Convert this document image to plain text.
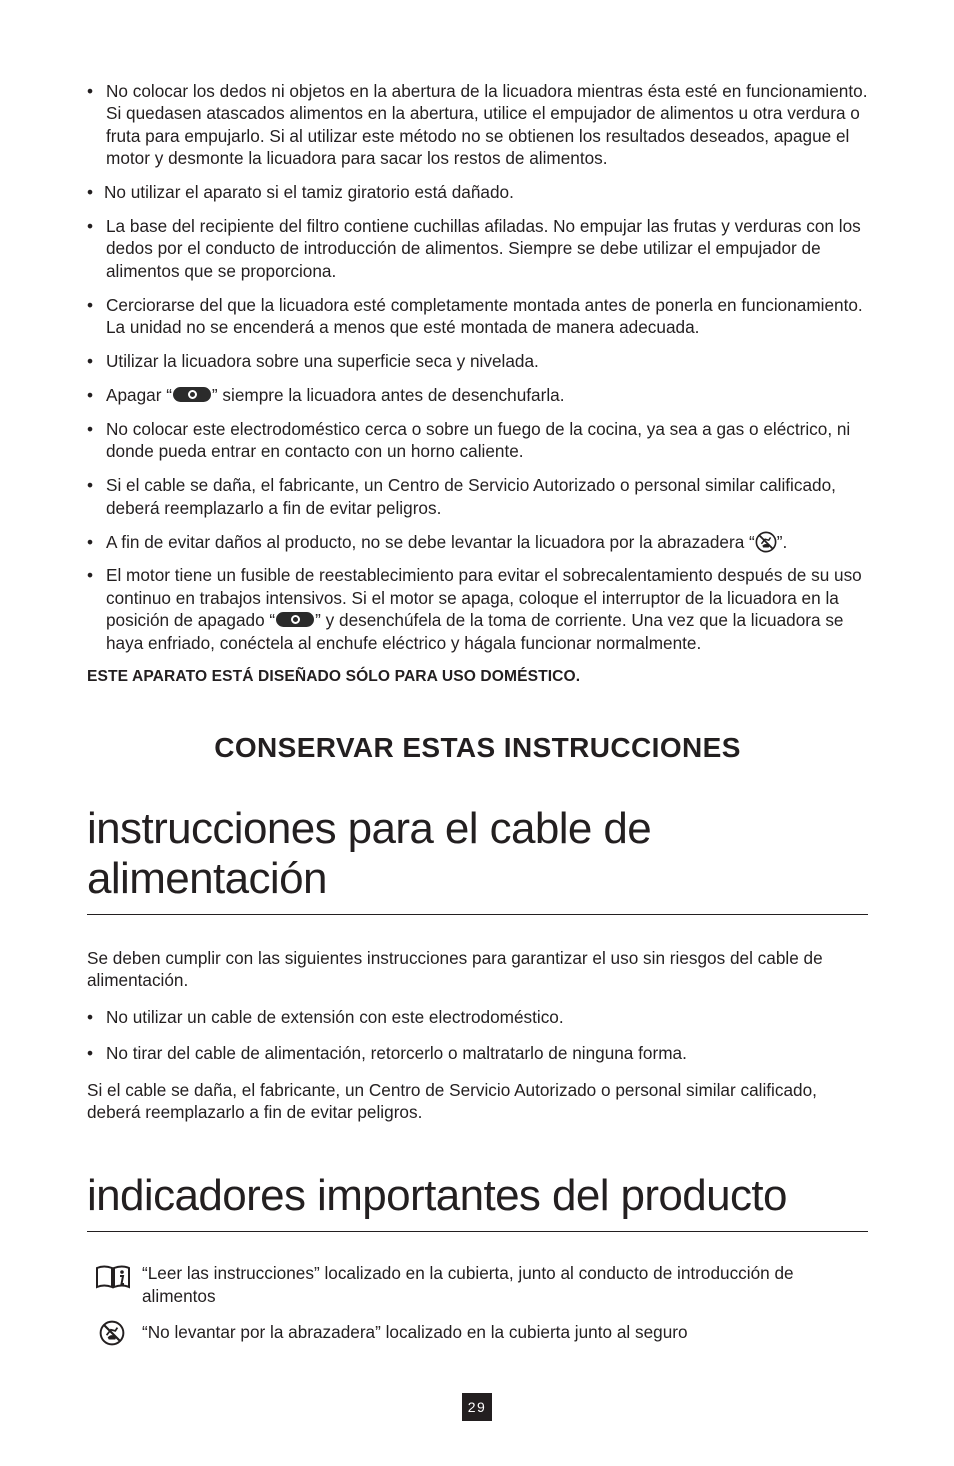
• No colocar los dedos ni objetos en la abertura de la licuadora mientras ésta esté en funcionamiento. Si quedasen atascados alimentos en la abertura, utilice el empujador de alimentos u otra verdura o fruta para empujarlo. Si al utilizar este método no se obtienen los resultados deseados, apague el motor y desmonte la licuadora para sacar los restos de alimentos.
• No utilizar el aparato si el tamiz giratorio está dañado.
• La base del recipiente del filtro contiene cuchillas afiladas. No empujar las frutas y verduras con los dedos por el conducto de introducción de alimentos. Siempre se debe utilizar el empujador de alimentos que se proporciona.
• Cerciorarse del que la licuadora esté completamente montada antes de ponerla en funcionamiento. La unidad no se encenderá a menos que esté montada de manera adecuada.
• Utilizar la licuadora sobre una superficie seca y nivelada.
• Apagar “ ” siempre la licuadora antes de desenchufarla.
• No colocar este electrodoméstico cerca o sobre un fuego de la cocina, ya sea a gas o eléctrico, ni donde pueda entrar en contacto con un horno caliente.
• Si el cable se daña, el fabricante, un Centro de Servicio Autorizado o personal similar calificado, deberá reemplazarlo a fin de evitar peligros.
• A fin de evitar daños al producto, no se debe levantar la licuadora por la abrazadera “ ”.
• El motor tiene un fusible de reestablecimiento para evitar el sobrecalentamiento después de su uso continuo en trabajos intensivos. Si el motor se apaga, coloque el interruptor de la licuadora en la posición de apagado “ ” y desenchúfela de la toma de corriente. Una vez que la licuadora se haya enfriado, conéctela al enchufe eléctrico y hágala funcionar normalmente.
ESTE APARATO ESTÁ DISEÑADO SÓLO PARA USO DOMÉSTICO.
CONSERVAR ESTAS INSTRUCCIONES
instrucciones para el cable de alimentación

Se deben cumplir con las siguientes instrucciones para garantizar el uso sin riesgos del cable de alimentación.

• No utilizar un cable de extensión con este electrodoméstico.
• No tirar del cable de alimentación, retorcerlo o maltratarlo de ninguna forma.

Si el cable se daña, el fabricante, un Centro de Servicio Autorizado o personal similar calificado, deberá reemplazarlo a fin de evitar peligros.

indicadores importantes del producto
“Leer las instrucciones” localizado en la cubierta, junto al conducto de introducción de alimentos
“No levantar por la abrazadera” localizado en la cubierta junto al seguro
29
